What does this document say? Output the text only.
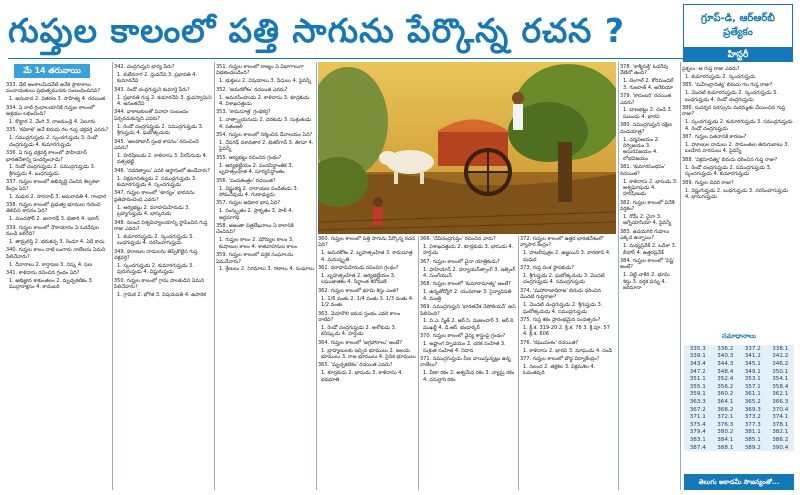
గుప్తుల కాలంలో పత్తి సాగును పేర్కొన్న రచన ?	గ్రూప్‌-డి, ఆర్‌ఆర్‌బీ
ప్రత్యేకం
హిస్టరీ
మే 14 తరువాయి
333. వేటి అంశాలమీదవేటి అనేక ప్రాకాశాలు పంచాయతులు ప్రభుత్వమునకు సంబంధించినవి?
1. అనువాద 2. వితరణ 3. సాహిత్య 4. రచయిత
334. ఏ నాటి గ్రంధాలయానికి గుప్తుల కాలంలో ఆశ్రయం లభించింది?
1. కొట్టార 2. వేంగి 3. రాజమండ్రి 4. ఏలూరు
335. 'కవికాళి' అనే బిరుదు గల గుప్త చక్రవర్తి ఎవరు?
1. సముద్రగుప్తుడు 2. స్కందగుప్తుడు 3. రెండో చంద్రగుప్తుడు 4. కుమారగుప్తుడు
336. ఏ గుప్త చక్రవర్తి కాలంలో ఫాహియాన్ భారతదేశాన్ని సందర్శించాడు?
1. రెండో చంద్రగుప్తుడు 2. సముద్రగుప్తుడు 3. శ్రీగుప్తుడు 4. బుధగుప్తుడు
337. గుప్తుల కాలంలో అభివృద్ధి చెందిన శిల్పకళా కేంద్రం ఏది?
1. మధుర 2. సారనాథ్ 3. అమరావతి 4. గాంధార
338. గుప్తుల కాలంలో ప్రభుత్వ భూముల గురించి తెలిపిన శాసనం ఏది?
1. మందసోర్ 2. జునాగఢ్ 3. భితారి 4. ఇరాన్
339. గుప్తుల కాలంలో నౌకాయానం ఏ ఓడరేవుల నుండి జరిగేది?
1. తామ్రలిప్తి 2. భరుకచ్ఛ 3. రెండూ 4. ఏదీ కాదు
340. గుప్తుల కాలం నాటి బంగారు నాణేలను ఏమని పిలిచేవారు?
1. దీనారాలు 2. కార్షాపణ 3. నిష్క 4. పణ
341. కాళిదాసు రచించిన గ్రంథం ఏది?
1. అభిజ్ఞాన శాకుంతలం 2. మృచ్ఛకటికం 3. ముద్రారాక్షసం 4. కాదంబరి
342. చంద్రగుప్తుని భార్య పేరు?
1. కుబేరనాగ 2. ధ్రువదేవి 3. ప్రభావతి 4. కుమారదేవి
343. రెండో చంద్రగుప్తుని కుమార్తె పేరు?
1. ప్రభావతి గుప్త 2. కుమారదేవి 3. ధ్రువస్వామిని 4. అనంతదేవి
344. వాకాటకులతో వివాహ సంబంధం ఏర్పరచుకున్నది ఎవరు?
1. రెండో చంద్రగుప్తుడు 2. సముద్రగుప్తుడు 3. శ్రీగుప్తుడు 4. ఘటోత్కచుడు
345. 'అలహాబాద్ స్తంభ శాసనం' రచించింది ఎవరు?
1. హరిషేణుడు 2. కాళిదాసు 3. వీరసేనుడు 4. వత్సభట్టి
346. 'నవరత్నాలు' ఎవరి ఆస్థానంలో ఉండేవారు?
1. విక్రమాదిత్యుడు 2. సముద్రగుప్తుడు 3. కుమారగుప్తుడు 4. స్కందగుప్తుడు
347. గుప్తుల కాలంలో 'శూన్యం' భావనను ప్రతిపాదించింది ఎవరు?
1. ఆర్యభట్టు 2. వరాహమిహిరుడు 3. బ్రహ్మగుప్తుడు 4. భాస్కరుడు
348. నలంద విశ్వవిద్యాలయాన్ని స్థాపించిన గుప్త రాజు ఎవరు?
1. కుమారగుప్తుడు 2. స్కందగుప్తుడు 3. బుధగుప్తుడు 4. నరసింహగుప్తుడు
349. హూణుల దాడులను తిప్పికొట్టిన గుప్త చక్రవర్తి?
1. స్కందగుప్తుడు 2. కుమారగుప్తుడు 3. పురుగుప్తుడు 4. విష్ణుగుప్తుడు
350. గుప్తుల కాలంలో గ్రామ పాలకుడిని ఏమని పిలిచేవారు?
1. గ్రామిక 2. భోగిక 3. విషయపతి 4. ఉపారిక
351. గుప్తుల కాలంలో రాజ్యం ఏ విభాగాలుగా విభజించబడింది?
1. భుక్తులు 2. విషయాలు 3. వీధులు 4. పైవన్నీ
352. 'అమరకోశం' రచయిత ఎవరు?
1. అమరసింహుడు 2. కాళిదాసు 3. శూద్రకుడు 4. విశాఖదత్తుడు
353. 'కామసూత్ర' గ్రంథకర్త?
1. వాత్స్యాయనుడు 2. చరకుడు 3. సుశ్రుతుడు 4. పతంజలి
354. గుప్తుల కాలంలో నిర్మించిన దేవాలయం ఏది?
1. దేవగఢ్ దశావతార 2. భితర్‌గావ్ 3. తిగవా 4. పైవన్నీ
355. ఆర్యభట్టు రచించిన గ్రంథం?
1. ఆర్యభట్టీయం 2. పంచసిద్ధాంతిక 3. బృహత్సంహిత 4. సూర్యసిద్ధాంతం
356. 'పంచతంత్రం' రచయిత?
1. విష్ణుశర్మ 2. నారాయణ పండితుడు 3. సోమదేవుడు 4. గుణాఢ్యుడు
357. గుప్తుల అధికార భాష ఏది?
1. సంస్కృతం 2. ప్రాకృతం 3. పాళీ 4. అర్ధమాగధి
358. అజంతా చిత్రలేఖనాలు ఏ కాలానికి చెందినవి?
1. గుప్తుల కాలం 2. మౌర్యుల కాలం 3. కుషాణుల కాలం 4. శాతవాహనుల కాలం
359. గుప్తుల కాలంలో వర్తక సంఘాలను ఏమనేవారు?
1. శ్రేణులు 2. నిగమాలు 3. గణాలు 4. సంఘాలు
360. గుప్తుల కాలంలో పత్తి సాగును పేర్కొన్న రచన ఏది?
1. అమరకోశం 2. బృహత్సంహిత 3. కామసూత్ర 4. మనుస్మృతి
361. వరాహమిహిరుడు రచించిన గ్రంథం?
1. బృహత్సంహిత 2. ఆర్యభట్టీయం 3. లఘుజాతకం 4. సిద్ధాంత శిరోమణి
362. గుప్తుల కాలంలో భూమి శిస్తు ఎంత?
1. 1/6 వంతు 2. 1/4 వంతు 3. 1/3 వంతు 4. 1/2 వంతు
363. మెహరౌలి ఇనుప స్తంభం ఎవరి కాలం నాటిది?
1. రెండో చంద్రగుప్తుడు 2. అశోకుడు 3. కనిష్కుడు 4. హర్షుడు
364. గుప్తుల కాలంలో 'అగ్రహారాలు' అంటే?
1. బ్రాహ్మణులకు ఇచ్చిన భూములు 2. ఆలయ భూములు 3. రాజ భూములు 4. సైనిక భూములు
365. 'మృచ్ఛకటికం' రచయిత ఎవరు?
1. శూద్రకుడు 2. భాసుడు 3. కాళిదాసు 4. భవభూతి
366. 'దేవీచంద్రగుప్తం' రచించిన వారు?
1. విశాఖదత్తుడు 2. శూద్రకుడు 3. భాసుడు 4. హర్షుడు
367. గుప్తుల కాలంలో చైనా యాత్రికుడు?
1. ఫాహియాన్ 2. హ్యూయన్‌త్సాంగ్ 3. ఇత్సింగ్ 4. సుంగ్‌యున్
368. గుప్తుల కాలంలో 'కుమారామాత్య' అంటే?
1. ఉన్నతోద్యోగి 2. యువరాజు 3. సైన్యాధిపతి 4. మంత్రి
369. సముద్రగుప్తుని 'భారతదేశ నెపోలియన్' అని పిలిచింది?
1. వి.ఎ. స్మిత్ 2. ఆర్.సి. మజుందార్ 3. ఆర్.కె. ముఖర్జీ 4. డి.ఆర్. భండార్కర్
370. గుప్తుల కాలంలో వైద్య శాస్త్రంపై గ్రంథం?
1. అష్టాంగ హృదయం 2. చరక సంహిత 3. సుశ్రుత సంహిత 4. నిదాన
371. సముద్రగుప్తుడు వీణ వాయిస్తున్నట్లు ఉన్న నాణేలు?
1. వీణా రకం 2. అశ్వమేధ రకం 3. వ్యాఘ్ర రకం 4. ధనుర్ధారి రకం
372. గుప్తుల కాలంలో ఉత్తర భారతదేశంలో వ్యాపార కేంద్రం?
1. పాటలీపుత్రం 2. ఉజ్జయిని 3. వారణాసి 4. మధుర
373. గుప్త వంశ స్థాపకుడు?
1. శ్రీగుప్తుడు 2. ఘటోత్కచుడు 3. మొదటి చంద్రగుప్తుడు 4. సముద్రగుప్తుడు
374. 'మహారాజాధిరాజ' బిరుదు ధరించిన మొదటి గుప్తరాజు?
1. మొదటి చంద్రగుప్తుడు 2. శ్రీగుప్తుడు 3. ఘటోత్కచుడు 4. సముద్రగుప్తుడు
375. గుప్త శకం ప్రారంభమైన సంవత్సరం?
1. క్రీ.శ. 319-20 2. క్రీ.శ. 78 3. క్రీ.పూ. 57 4. క్రీ.శ. 606
376. 'రఘువంశం' రచయిత?
1. కాళిదాసు 2. భారవి 3. మాఘుడు 4. దండి
377. గుప్తుల కాలంలో బౌద్ధ విద్యాకేంద్రం?
1. నలంద 2. తక్షశిల 3. విక్రమశిల 4. ఓదంతపురి
378. 'కాశ్మీరుక్తి' ఓడరేవు వేటిలో ఉంది?
1. బెంగాల్ 2. కోరమండల్ 3. గుజరాత్ 4. అరేబియా
379. 'కాదంబరి' రచయిత ఎవరు?
1. బాణభట్టు 2. దండి 3. సుబంధు 4. భారవి
380. సముద్రగుప్తుని దక్షిణ దండయాత్ర?
1. ధర్మవిజయం 2. దిగ్విజయం 3. అసురవిజయం 4. లోభవిజయం
381. 'కుమారసంభవం' రచయిత?
1. కాళిదాసు 2. భాసుడు 3. అశ్వఘోషుడు 4. హరిషేణుడు
382. గుప్తుల కాలంలో విదేశీ వర్తకం?
1. రోమ్ 2. చైనా 3. ఆగ్నేయాసియా 4. పైవన్నీ
383. ఉదయగిరి గుహలు ఎక్కడ ఉన్నాయి?
1. మధ్యప్రదేశ్ 2. ఒడిశా 3. బీహార్ 4. ఉత్తరప్రదేశ్
384. గుప్తుల కాలంలో 'విష్టి' అంటే?
1. వెట్టి చాకిరి 2. భూమి శిస్తు 3. వర్తక పన్ను 4. జరిమానా
ప్రశ్నలు: ఆ గుప్త రాజు ఎవరు?
1. కుమారగుప్తుడు 2. స్కందగుప్తుడు
385. 'మహేంద్రాదిత్య' బిరుదు గల గుప్త రాజు?
1. మొదటి కుమారగుప్తుడు 2. స్కందగుప్తుడు 3. బుధగుప్తుడు 4. రెండో చంద్రగుప్తుడు
386. సుదర్శన సరస్సును మరమ్మతు చేయించిన గుప్త రాజు?
1. స్కందగుప్తుడు 2. కుమారగుప్తుడు 3. సముద్రగుప్తుడు 4. రెండో చంద్రగుప్తుడు
387. గుప్తుల పతనానికి కారణం?
1. హూణుల దాడులు 2. సామంతుల తిరుగుబాటు 3. బలహీన వారసులు 4. పైవన్నీ
388. 'విక్రమాదిత్య' బిరుదు ధరించిన గుప్త రాజు?
1. రెండో చంద్రగుప్తుడు 2. సముద్రగుప్తుడు 3. స్కందగుప్తుడు 4. కుమారగుప్తుడు
389. గుప్తుల చివరి రాజు?
1. విష్ణుగుప్తుడు 2. బుధగుప్తుడు 3. నరసింహగుప్తుడు 4. భానుగుప్తుడు
సమాధానాలు
335.3	336.2	337.2	338.1
339.1	340.3	341.2	342.2
343.4	344.3	345.1	346.2
347.2	348.4	349.1	350.1
351.1	352.4	353.1	354.1
355.1	356.2	357.1	358.4
359.1	360.2	361.1	362.1
363.3	364.1	365.2	366.3
367.2	368.2	369.3	370.4
371.1	372.1	373.2	374.1
375.4	376.3	377.3	378.1
379.4	380.2	381.1	382.1
383.1	384.1	385.1	386.2
387.4	388.1	389.2	390.4
తెలుగు అకాడమీ సౌజన్యంతో...
